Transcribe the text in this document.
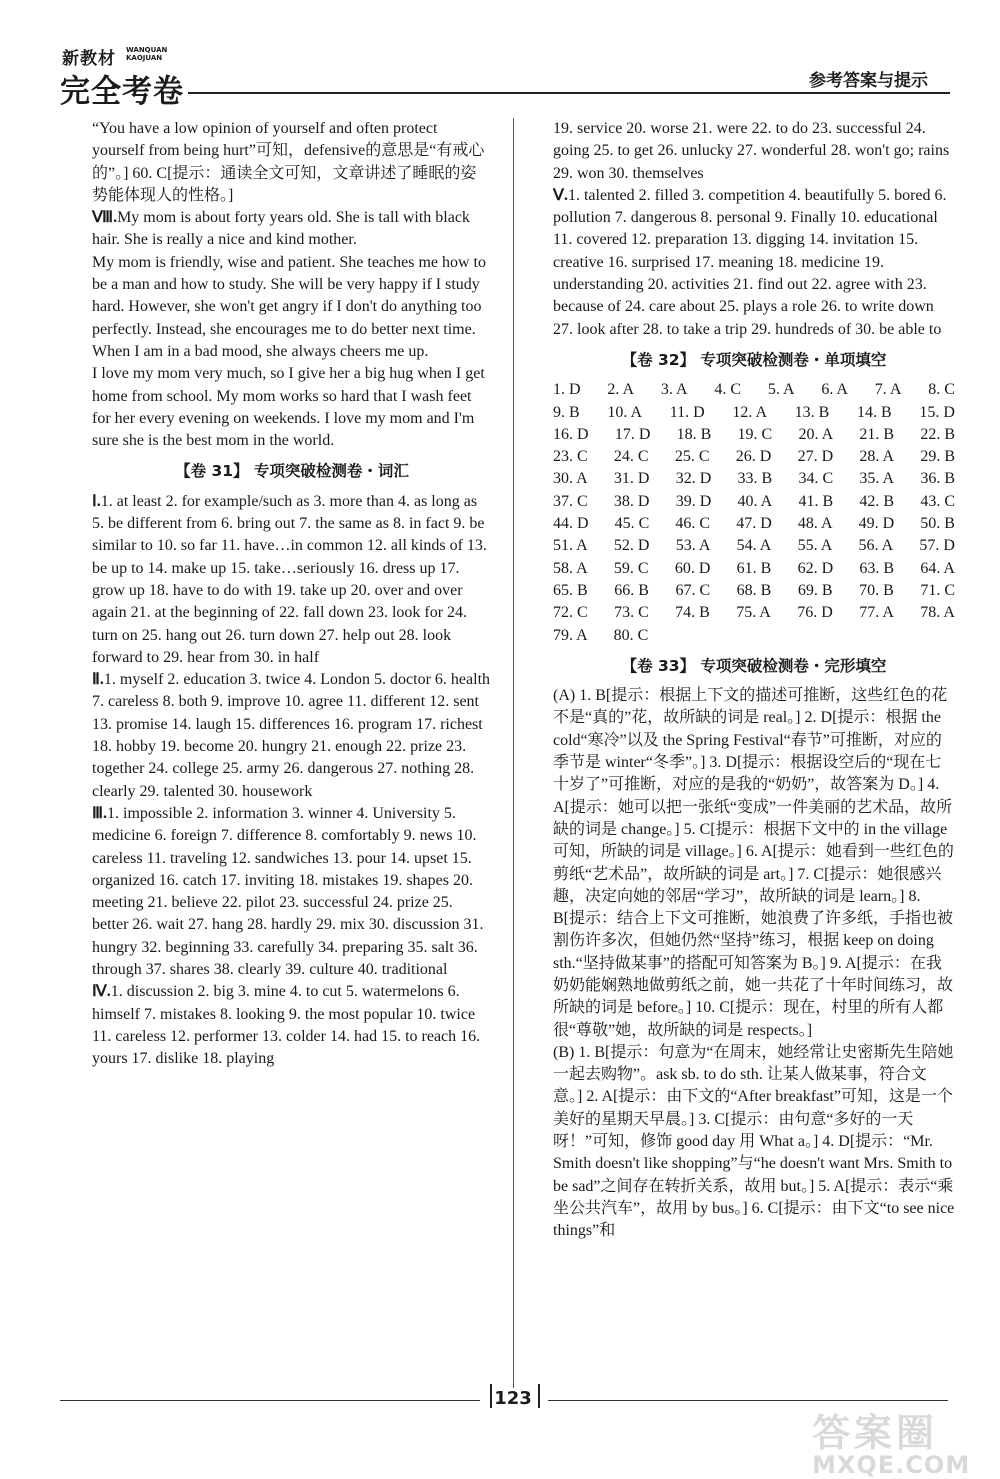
新教材 WANQUAN
KAOJUAN
完全考卷	参考答案与提示

“You have a low opinion of yourself and often protect yourself from being hurt”可知，defensive的意思是“有戒心的”。] 60. C[提示：通读全文可知，文章讲述了睡眠的姿势能体现人的性格。]

Ⅷ.My mom is about forty years old. She is tall with black hair. She is really a nice and kind mother.

My mom is friendly, wise and patient. She teaches me how to be a man and how to study. She will be very happy if I study hard. However, she won't get angry if I don't do anything too perfectly. Instead, she encourages me to do better next time. When I am in a bad mood, she always cheers me up.

I love my mom very much, so I give her a big hug when I get home from school. My mom works so hard that I wash feet for her every evening on weekends. I love my mom and I'm sure she is the best mom in the world.

【卷 31】 专项突破检测卷・词汇

Ⅰ.1. at least 2. for example/such as 3. more than 4. as long as 5. be different from 6. bring out 7. the same as 8. in fact 9. be similar to 10. so far 11. have…in common 12. all kinds of 13. be up to 14. make up 15. take…seriously 16. dress up 17. grow up 18. have to do with 19. take up 20. over and over again 21. at the beginning of 22. fall down 23. look for 24. turn on 25. hang out 26. turn down 27. help out 28. look forward to 29. hear from 30. in half

Ⅱ.1. myself 2. education 3. twice 4. London 5. doctor 6. health 7. careless 8. both 9. improve 10. agree 11. different 12. sent 13. promise 14. laugh 15. differences 16. program 17. richest 18. hobby 19. become 20. hungry 21. enough 22. prize 23. together 24. college 25. army 26. dangerous 27. nothing 28. clearly 29. talented 30. housework

Ⅲ.1. impossible 2. information 3. winner 4. University 5. medicine 6. foreign 7. difference 8. comfortably 9. news 10. careless 11. traveling 12. sandwiches 13. pour 14. upset 15. organized 16. catch 17. inviting 18. mistakes 19. shapes 20. meeting 21. believe 22. pilot 23. successful 24. prize 25. better 26. wait 27. hang 28. hardly 29. mix 30. discussion 31. hungry 32. beginning 33. carefully 34. preparing 35. salt 36. through 37. shares 38. clearly 39. culture 40. traditional

Ⅳ.1. discussion 2. big 3. mine 4. to cut 5. watermelons 6. himself 7. mistakes 8. looking 9. the most popular 10. twice 11. careless 12. performer 13. colder 14. had 15. to reach 16. yours 17. dislike 18. playing

19. service 20. worse 21. were 22. to do 23. successful 24. going 25. to get 26. unlucky 27. wonderful 28. won't go; rains 29. won 30. themselves

Ⅴ.1. talented 2. filled 3. competition 4. beautifully 5. bored 6. pollution 7. dangerous 8. personal 9. Finally 10. educational 11. covered 12. preparation 13. digging 14. invitation 15. creative 16. surprised 17. meaning 18. medicine 19. understanding 20. activities 21. find out 22. agree with 23. because of 24. care about 25. plays a role 26. to write down 27. look after 28. to take a trip 29. hundreds of 30. be able to

【卷 32】 专项突破检测卷・单项填空

1. D 2. A 3. A 4. C 5. A 6. A 7. A 8. C
9. B 10. A 11. D 12. A 13. B 14. B 15. D
16. D 17. D 18. B 19. C 20. A 21. B 22. B
23. C 24. C 25. C 26. D 27. D 28. A 29. B
30. A 31. D 32. D 33. B 34. C 35. A 36. B
37. C 38. D 39. D 40. A 41. B 42. B 43. C
44. D 45. C 46. C 47. D 48. A 49. D 50. B
51. A 52. D 53. A 54. A 55. A 56. A 57. D
58. A 59. C 60. D 61. B 62. D 63. B 64. A
65. B 66. B 67. C 68. B 69. B 70. B 71. C
72. C 73. C 74. B 75. A 76. D 77. A 78. A
79. A 80. C

【卷 33】 专项突破检测卷・完形填空

(A) 1. B[提示：根据上下文的描述可推断，这些红色的花不是“真的”花，故所缺的词是 real。] 2. D[提示：根据 the cold“寒冷”以及 the Spring Festival“春节”可推断，对应的季节是 winter“冬季”。] 3. D[提示：根据设空后的“现在七十岁了”可推断，对应的是我的“奶奶”，故答案为 D。] 4. A[提示：她可以把一张纸“变成”一件美丽的艺术品，故所缺的词是 change。] 5. C[提示：根据下文中的 in the village 可知，所缺的词是 village。] 6. A[提示：她看到一些红色的剪纸“艺术品”，故所缺的词是 art。] 7. C[提示：她很感兴趣，决定向她的邻居“学习”，故所缺的词是 learn。] 8. B[提示：结合上下文可推断，她浪费了许多纸，手指也被割伤许多次，但她仍然“坚持”练习，根据 keep on doing sth.“坚持做某事”的搭配可知答案为 B。] 9. A[提示：在我奶奶能娴熟地做剪纸之前，她一共花了十年时间练习，故所缺的词是 before。] 10. C[提示：现在，村里的所有人都很“尊敬”她，故所缺的词是 respects。]

(B) 1. B[提示：句意为“在周末，她经常让史密斯先生陪她一起去购物”。ask sb. to do sth. 让某人做某事，符合文意。] 2. A[提示：由下文的“After breakfast”可知，这是一个美好的星期天早晨。] 3. C[提示：由句意“多好的一天呀！”可知，修饰 good day 用 What a。] 4. D[提示：“Mr. Smith doesn't like shopping”与“he doesn't want Mrs. Smith to be sad”之间存在转折关系，故用 but。] 5. A[提示：表示“乘坐公共汽车”，故用 by bus。] 6. C[提示：由下文“to see nice things”和

123
答案圈
MXQE.COM
